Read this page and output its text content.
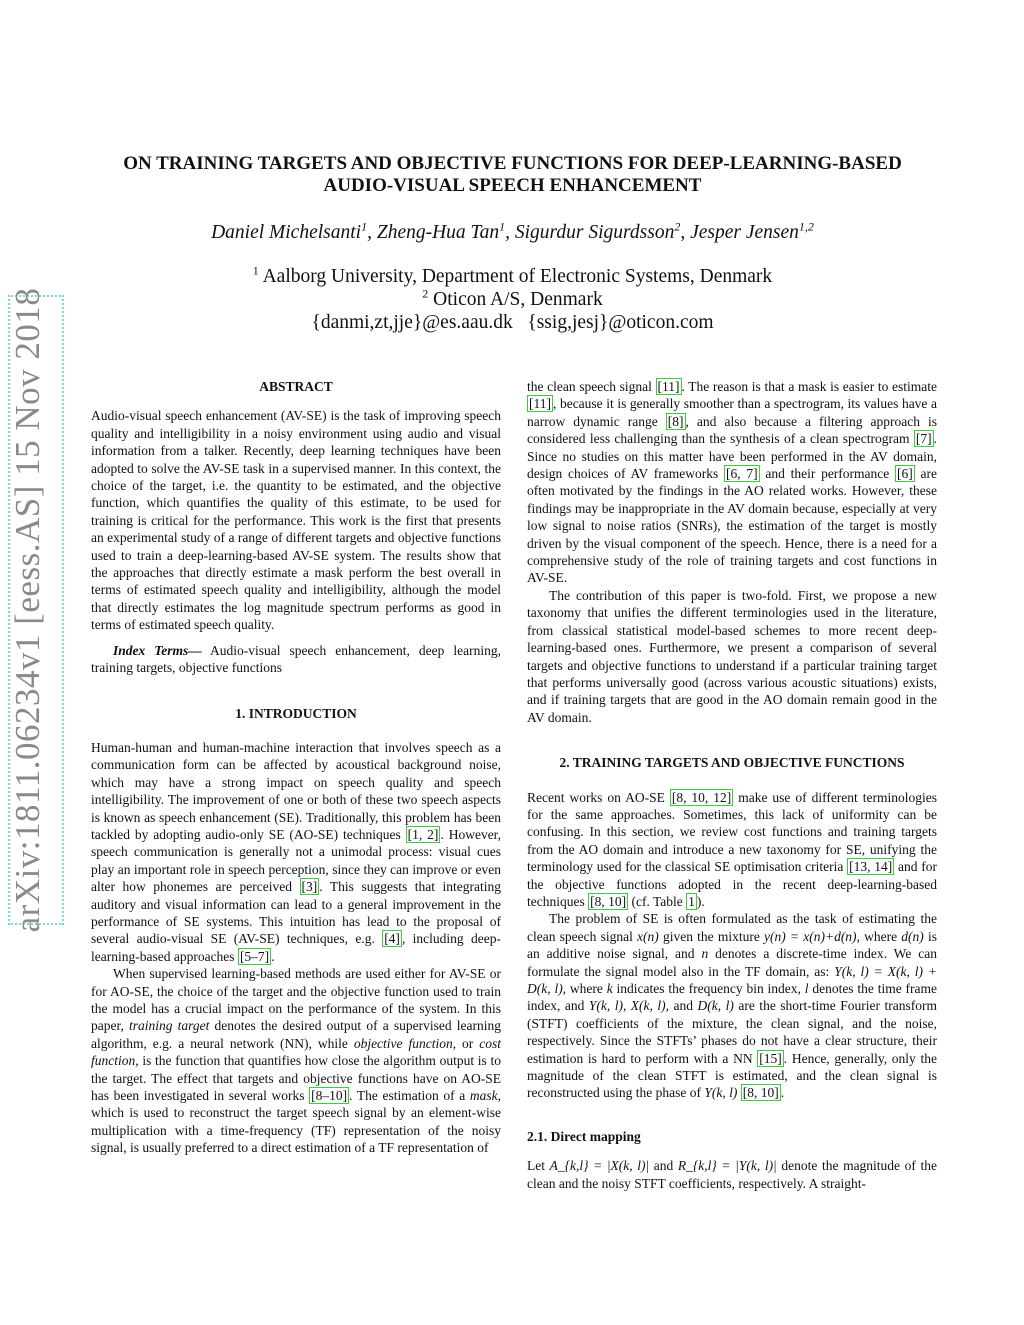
arXiv:1811.06234v1 [eess.AS] 15 Nov 2018
ON TRAINING TARGETS AND OBJECTIVE FUNCTIONS FOR DEEP-LEARNING-BASED
AUDIO-VISUAL SPEECH ENHANCEMENT
Daniel Michelsanti$^1$, Zheng-Hua Tan$^1$, Sigurdur Sigurdsson$^2$, Jesper Jensen$^{1,2}$
$^1$ Aalborg University, Department of Electronic Systems, Denmark
$^2$ Oticon A/S, Denmark
{danmi,zt,jje}@es.aau.dk   {ssig,jesj}@oticon.com
ABSTRACT

Audio-visual speech enhancement (AV-SE) is the task of improving speech quality and intelligibility in a noisy environment using audio and visual information from a talker. Recently, deep learning techniques have been adopted to solve the AV-SE task in a supervised manner. In this context, the choice of the target, i.e. the quantity to be estimated, and the objective function, which quantifies the quality of this estimate, to be used for training is critical for the performance. This work is the first that presents an experimental study of a range of different targets and objective functions used to train a deep-learning-based AV-SE system. The results show that the approaches that directly estimate a mask perform the best overall in terms of estimated speech quality and intelligibility, although the model that directly estimates the log magnitude spectrum performs as good in terms of estimated speech quality.

Index Terms— Audio-visual speech enhancement, deep learning, training targets, objective functions

1. INTRODUCTION

Human-human and human-machine interaction that involves speech as a communication form can be affected by acoustical background noise, which may have a strong impact on speech quality and speech intelligibility. The improvement of one or both of these two speech aspects is known as speech enhancement (SE). Traditionally, this problem has been tackled by adopting audio-only SE (AO-SE) techniques [1, 2] . However, speech communication is generally not a unimodal process: visual cues play an important role in speech perception, since they can improve or even alter how phonemes are perceived [3] . This suggests that integrating auditory and visual information can lead to a general improvement in the performance of SE systems. This intuition has lead to the proposal of several audio-visual SE (AV-SE) techniques, e.g. [4] , including deep-learning-based approaches [5–7] .

When supervised learning-based methods are used either for AV-SE or for AO-SE, the choice of the target and the objective function used to train the model has a crucial impact on the performance of the system. In this paper, training target denotes the desired output of a supervised learning algorithm, e.g. a neural network (NN), while objective function, or cost function, is the function that quantifies how close the algorithm output is to the target. The effect that targets and objective functions have on AO-SE has been investigated in several works [8–10] . The estimation of a mask, which is used to reconstruct the target speech signal by an element-wise multiplication with a time-frequency (TF) representation of the noisy signal, is usually preferred to a direct estimation of a TF representation of

the clean speech signal [11] . The reason is that a mask is easier to estimate [11] , because it is generally smoother than a spectrogram, its values have a narrow dynamic range [8] , and also because a filtering approach is considered less challenging than the synthesis of a clean spectrogram [7] . Since no studies on this matter have been performed in the AV domain, design choices of AV frameworks [6, 7] and their performance [6] are often motivated by the findings in the AO related works. However, these findings may be inappropriate in the AV domain because, especially at very low signal to noise ratios (SNRs), the estimation of the target is mostly driven by the visual component of the speech. Hence, there is a need for a comprehensive study of the role of training targets and cost functions in AV-SE.

The contribution of this paper is two-fold. First, we propose a new taxonomy that unifies the different terminologies used in the literature, from classical statistical model-based schemes to more recent deep-learning-based ones. Furthermore, we present a comparison of several targets and objective functions to understand if a particular training target that performs universally good (across various acoustic situations) exists, and if training targets that are good in the AO domain remain good in the AV domain.

2. TRAINING TARGETS AND OBJECTIVE FUNCTIONS

Recent works on AO-SE [8, 10, 12] make use of different terminologies for the same approaches. Sometimes, this lack of uniformity can be confusing. In this section, we review cost functions and training targets from the AO domain and introduce a new taxonomy for SE, unifying the terminology used for the classical SE optimisation criteria [13, 14] and for the objective functions adopted in the recent deep-learning-based techniques [8, 10] (cf. Table 1 ).

The problem of SE is often formulated as the task of estimating the clean speech signal x(n) given the mixture y(n) = x(n)+d(n), where d(n) is an additive noise signal, and n denotes a discrete-time index. We can formulate the signal model also in the TF domain, as: Y(k, l) = X(k, l) + D(k, l), where k indicates the frequency bin index, l denotes the time frame index, and Y(k, l), X(k, l), and D(k, l) are the short-time Fourier transform (STFT) coefficients of the mixture, the clean signal, and the noise, respectively. Since the STFTs’ phases do not have a clear structure, their estimation is hard to perform with a NN [15] . Hence, generally, only the magnitude of the clean STFT is estimated, and the clean signal is reconstructed using the phase of Y(k, l) [8, 10] .

2.1. Direct mapping

Let A_{k,l} = |X(k, l)| and R_{k,l} = |Y(k, l)| denote the magnitude of the clean and the noisy STFT coefficients, respectively. A straight-
